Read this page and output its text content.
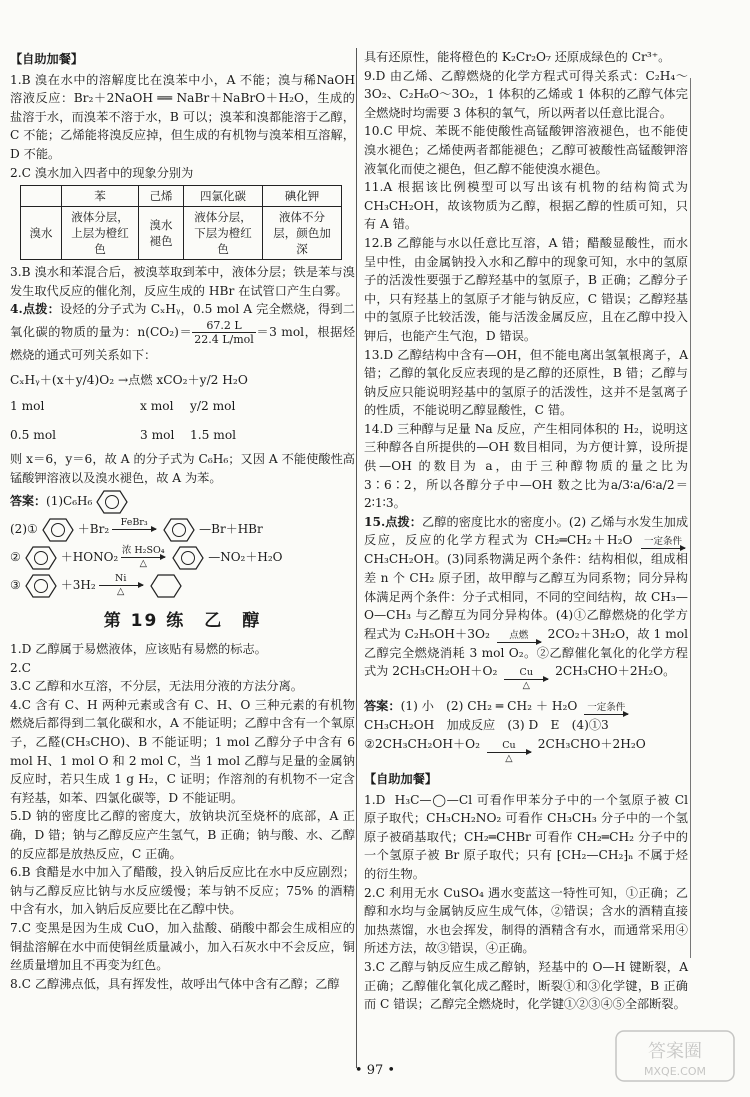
【自助加餐】

1.B 溴在水中的溶解度比在溴苯中小，A 不能；溴与稀NaOH 溶液反应：Br₂＋2NaOH ══ NaBr＋NaBrO＋H₂O，生成的盐溶于水，而溴苯不溶于水，B 可以；溴苯和溴都能溶于乙醇，C 不能；乙烯能将溴反应掉，但生成的有机物与溴苯相互溶解，D 不能。

2.C 溴水加入四者中的现象分别为

	苯	己烯	四氯化碳	碘化钾
溴水	液体分层，上层为橙红色	溴水褪色	液体分层，下层为橙红色	液体不分层，颜色加深

3.B 溴水和苯混合后，被溴萃取到苯中，液体分层；铁是苯与溴发生取代反应的催化剂，反应生成的 HBr 在试管口产生白雾。

4.点拨：设烃的分子式为 CₓHᵧ，0.5 mol A 完全燃烧，得到二氧化碳的物质的量为：$n(CO_2)= \frac{67.2 L}{\text{22.4 L/mol}} =3$ mol，根据烃燃烧的通式可列关系如下：

CₓHᵧ＋(x＋y/4)O₂ →点燃 xCO₂＋y/2 H₂O
1 mol	x mol	y/2 mol
0.5 mol	3 mol	1.5 mol

则 x＝6，y＝6，故 A 的分子式为 C₆H₆；又因 A 不能使酸性高锰酸钾溶液以及溴水褪色，故 A 为苯。

答案： (1)C₆H₆
(2)①	＋Br₂ FeBr₃
	—Br＋HBr
②	＋HONO₂ 浓 H₂SO₄
△	—NO₂＋H₂O
③	＋3H₂ Ni
△
第 19 练　乙　醇

1.D 乙醇属于易燃液体，应该贴有易燃的标志。

2.C

3.C 乙醇和水互溶，不分层，无法用分液的方法分离。

4.C 含有 C、H 两种元素或含有 C、H、O 三种元素的有机物燃烧后都得到二氧化碳和水，A 不能证明；乙醇中含有一个氧原子，乙醛(CH₃CHO)、B 不能证明；1 mol 乙醇分子中含有 6 mol H、1 mol O 和 2 mol C，当 1 mol 乙醇与足量的金属钠反应时，若只生成 1 g H₂，C 证明；作溶剂的有机物不一定含有羟基，如苯、四氯化碳等，D 不能证明。

5.D 钠的密度比乙醇的密度大，放钠块沉至烧杯的底部，A 正确，D 错；钠与乙醇反应产生氢气，B 正确；钠与酸、水、乙醇的反应都是放热反应，C 正确。

6.B 食醋是水中加入了醋酸，投入钠后反应比在水中反应剧烈；钠与乙醇反应比钠与水反应缓慢；苯与钠不反应；75% 的酒精中含有水，加入钠后反应要比在乙醇中快。

7.C 变黑是因为生成 CuO，加入盐酸、硝酸中都会生成相应的铜盐溶解在水中而使铜丝质量减小，加入石灰水中不会反应，铜丝质量增加且不再变为红色。

8.C 乙醇沸点低，具有挥发性，故呼出气体中含有乙醇；乙醇

具有还原性，能将橙色的 K₂Cr₂O₇ 还原成绿色的 Cr³⁺。

9.D 由乙烯、乙醇燃烧的化学方程式可得关系式：C₂H₄～3O₂、C₂H₆O～3O₂，1 体积的乙烯或 1 体积的乙醇气体完全燃烧时均需要 3 体积的氧气，所以两者以任意比混合。

10.C 甲烷、苯既不能使酸性高锰酸钾溶液褪色，也不能使溴水褪色；乙烯使两者都能褪色；乙醇可被酸性高锰酸钾溶液氧化而使之褪色，但乙醇不能使溴水褪色。

11.A 根据该比例模型可以写出该有机物的结构简式为CH₃CH₂OH，故该物质为乙醇，根据乙醇的性质可知，只有 A 错。

12.B 乙醇能与水以任意比互溶，A 错；醋酸显酸性，而水呈中性，由金属钠投入水和乙醇中的现象可知，水中的氢原子的活泼性要强于乙醇羟基中的氢原子，B 正确；乙醇分子中，只有羟基上的氢原子才能与钠反应，C 错误；乙醇羟基中的氢原子比较活泼，能与活泼金属反应，且在乙醇中投入钾后，也能产生气泡，D 错误。

13.D 乙醇结构中含有—OH，但不能电离出氢氧根离子，A 错；乙醇的氧化反应表现的是乙醇的还原性，B 错；乙醇与钠反应只能说明羟基中的氢原子的活泼性，这并不是氢离子的性质，不能说明乙醇显酸性，C 错。

14.D 三种醇与足量 Na 反应，产生相同体积的 H₂，说明这三种醇各自所提供的—OH 数目相同，为方便计算，设所提供—OH 的数目为 a，由于三种醇物质的量之比为 3∶6∶2，所以各醇分子中—OH 数之比为a/3∶a/6∶a/2＝2∶1∶3。

15.点拨：乙醇的密度比水的密度小。(2) 乙烯与水发生加成反应，反应的化学方程式为 CH₂═CH₂＋H₂O 一定条件
CH₃CH₂OH。(3)同系物满足两个条件：结构相似，组成相差 n 个 CH₂ 原子团，故甲醇与乙醇互为同系物；同分异构体满足两个条件：分子式相同，不同的空间结构，故 CH₃—O—CH₃ 与乙醇互为同分异构体。(4)①乙醇燃烧的化学方程式为 C₂H₅OH＋3O₂ 点燃 2CO₂＋3H₂O，故 1 mol 乙醇完全燃烧消耗 3 mol O₂。②乙醇催化氧化的化学方程式为 2CH₃CH₂OH＋O₂ Cu
△
2CH₃CHO＋2H₂O。

答案：(1) 小　(2) CH₂ ═ CH₂ ＋ H₂O 一定条件
CH₃CH₂OH　加成反应　(3) D　E　(4)①3
②2CH₃CH₂OH＋O₂ Cu
△
2CH₃CHO＋2H₂O
【自助加餐】

1.D H₃C—◯—Cl 可看作甲苯分子中的一个氢原子被 Cl 原子取代；CH₃CH₂NO₂ 可看作 CH₃CH₃ 分子中的一个氢原子被硝基取代；CH₂═CHBr 可看作 CH₂═CH₂ 分子中的一个氢原子被 Br 原子取代；只有 ⁅CH₂—CH₂⁆ₙ 不属于烃的衍生物。

2.C 利用无水 CuSO₄ 遇水变蓝这一特性可知，①正确；乙醇和水均与金属钠反应生成气体，②错误；含水的酒精直接加热蒸馏，水也会挥发，制得的酒精含有水，而通常采用④所述方法，故③错误，④正确。

3.C 乙醇与钠反应生成乙醇钠，羟基中的 O—H 键断裂，A 正确；乙醇催化氧化成乙醛时，断裂①和③化学键，B 正确而 C 错误；乙醇完全燃烧时，化学键①②③④⑤全部断裂。

• 97 •
答案圈
MXQE.COM
